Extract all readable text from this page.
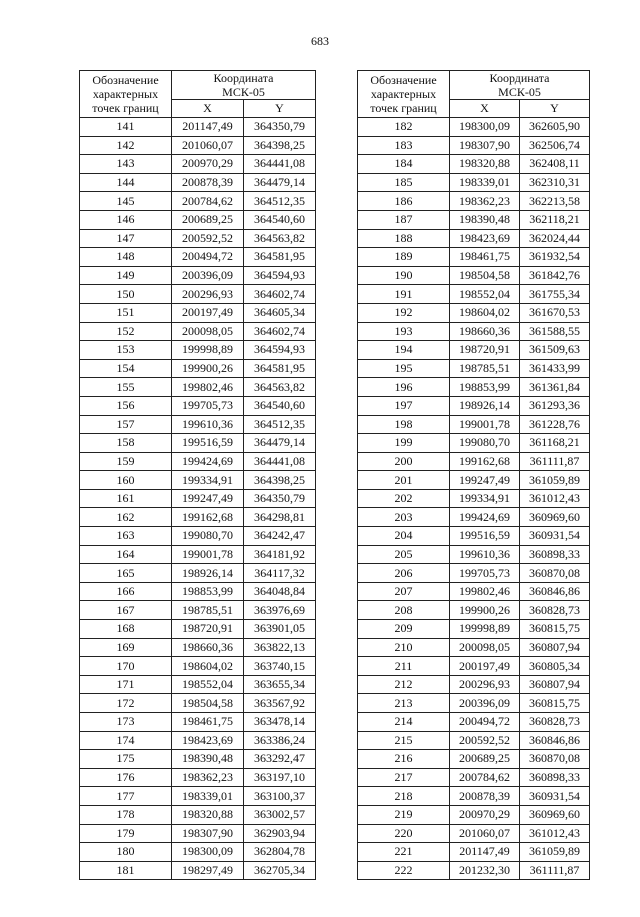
683
Обозначение
характерных
точек границ	Координата
МСК-05	
	X	Y
141	201147,49	364350,79
142	201060,07	364398,25
143	200970,29	364441,08
144	200878,39	364479,14
145	200784,62	364512,35
146	200689,25	364540,60
147	200592,52	364563,82
148	200494,72	364581,95
149	200396,09	364594,93
150	200296,93	364602,74
151	200197,49	364605,34
152	200098,05	364602,74
153	199998,89	364594,93
154	199900,26	364581,95
155	199802,46	364563,82
156	199705,73	364540,60
157	199610,36	364512,35
158	199516,59	364479,14
159	199424,69	364441,08
160	199334,91	364398,25
161	199247,49	364350,79
162	199162,68	364298,81
163	199080,70	364242,47
164	199001,78	364181,92
165	198926,14	364117,32
166	198853,99	364048,84
167	198785,51	363976,69
168	198720,91	363901,05
169	198660,36	363822,13
170	198604,02	363740,15
171	198552,04	363655,34
172	198504,58	363567,92
173	198461,75	363478,14
174	198423,69	363386,24
175	198390,48	363292,47
176	198362,23	363197,10
177	198339,01	363100,37
178	198320,88	363002,57
179	198307,90	362903,94
180	198300,09	362804,78
181	198297,49	362705,34
Обозначение
характерных
точек границ	Координата
МСК-05	
	X	Y
182	198300,09	362605,90
183	198307,90	362506,74
184	198320,88	362408,11
185	198339,01	362310,31
186	198362,23	362213,58
187	198390,48	362118,21
188	198423,69	362024,44
189	198461,75	361932,54
190	198504,58	361842,76
191	198552,04	361755,34
192	198604,02	361670,53
193	198660,36	361588,55
194	198720,91	361509,63
195	198785,51	361433,99
196	198853,99	361361,84
197	198926,14	361293,36
198	199001,78	361228,76
199	199080,70	361168,21
200	199162,68	361111,87
201	199247,49	361059,89
202	199334,91	361012,43
203	199424,69	360969,60
204	199516,59	360931,54
205	199610,36	360898,33
206	199705,73	360870,08
207	199802,46	360846,86
208	199900,26	360828,73
209	199998,89	360815,75
210	200098,05	360807,94
211	200197,49	360805,34
212	200296,93	360807,94
213	200396,09	360815,75
214	200494,72	360828,73
215	200592,52	360846,86
216	200689,25	360870,08
217	200784,62	360898,33
218	200878,39	360931,54
219	200970,29	360969,60
220	201060,07	361012,43
221	201147,49	361059,89
222	201232,30	361111,87
